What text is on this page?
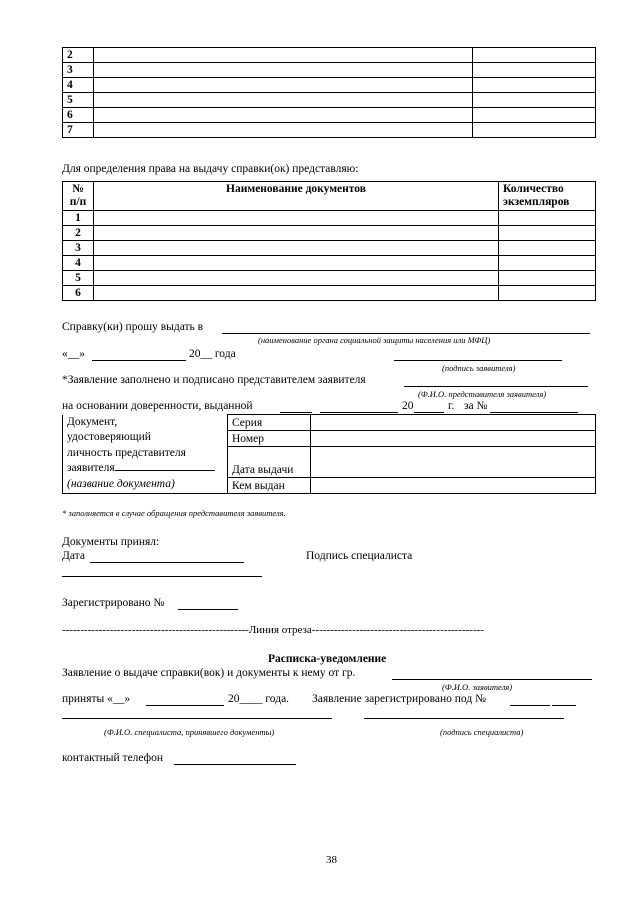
2		
3		
4		
5		
6		
7		
Для определения права на выдачу справки(ок) представляю:
№
п/п	Наименование документов	Количество экземпляров
1		
2		
3		
4		
5		
6		
Справку(ки) прошу выдать в
(наименование органа социальной защиты населения или МФЦ)
«__»	20__ года
(подпись заявителя)
*Заявление заполнено и подписано представителем заявителя
(Ф.И.О. представителя заявителя)
на основании доверенности, выданной	20	г. за №
Документ,
удостоверяющий
личность представителя
заявителя
(название документа)	Серия	
	Номер	
	Дата выдачи	
	Кем выдан	
* заполняется в случае обращения представителя заявителя.
Документы принял:
Дата	Подпись специалиста
Зарегистрировано №
---------------------------------------------------Линия отреза-----------------------------------------------
Расписка-уведомление
Заявление о выдаче справки(вок) и документы к нему от гр.
(Ф.И.О. заявителя)
приняты «__»	20____ года. Заявление зарегистрировано под №
(Ф.И.О. специалиста, принявшего документы)	(подпись специалиста)
контактный телефон
38
